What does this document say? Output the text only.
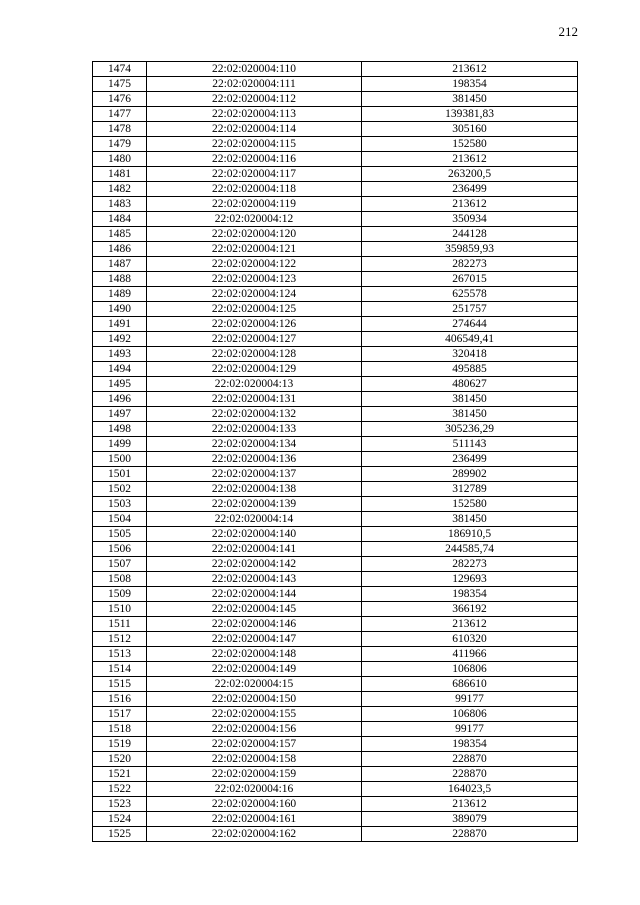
212
1474	22:02:020004:110	213612
1475	22:02:020004:111	198354
1476	22:02:020004:112	381450
1477	22:02:020004:113	139381,83
1478	22:02:020004:114	305160
1479	22:02:020004:115	152580
1480	22:02:020004:116	213612
1481	22:02:020004:117	263200,5
1482	22:02:020004:118	236499
1483	22:02:020004:119	213612
1484	22:02:020004:12	350934
1485	22:02:020004:120	244128
1486	22:02:020004:121	359859,93
1487	22:02:020004:122	282273
1488	22:02:020004:123	267015
1489	22:02:020004:124	625578
1490	22:02:020004:125	251757
1491	22:02:020004:126	274644
1492	22:02:020004:127	406549,41
1493	22:02:020004:128	320418
1494	22:02:020004:129	495885
1495	22:02:020004:13	480627
1496	22:02:020004:131	381450
1497	22:02:020004:132	381450
1498	22:02:020004:133	305236,29
1499	22:02:020004:134	511143
1500	22:02:020004:136	236499
1501	22:02:020004:137	289902
1502	22:02:020004:138	312789
1503	22:02:020004:139	152580
1504	22:02:020004:14	381450
1505	22:02:020004:140	186910,5
1506	22:02:020004:141	244585,74
1507	22:02:020004:142	282273
1508	22:02:020004:143	129693
1509	22:02:020004:144	198354
1510	22:02:020004:145	366192
1511	22:02:020004:146	213612
1512	22:02:020004:147	610320
1513	22:02:020004:148	411966
1514	22:02:020004:149	106806
1515	22:02:020004:15	686610
1516	22:02:020004:150	99177
1517	22:02:020004:155	106806
1518	22:02:020004:156	99177
1519	22:02:020004:157	198354
1520	22:02:020004:158	228870
1521	22:02:020004:159	228870
1522	22:02:020004:16	164023,5
1523	22:02:020004:160	213612
1524	22:02:020004:161	389079
1525	22:02:020004:162	228870
